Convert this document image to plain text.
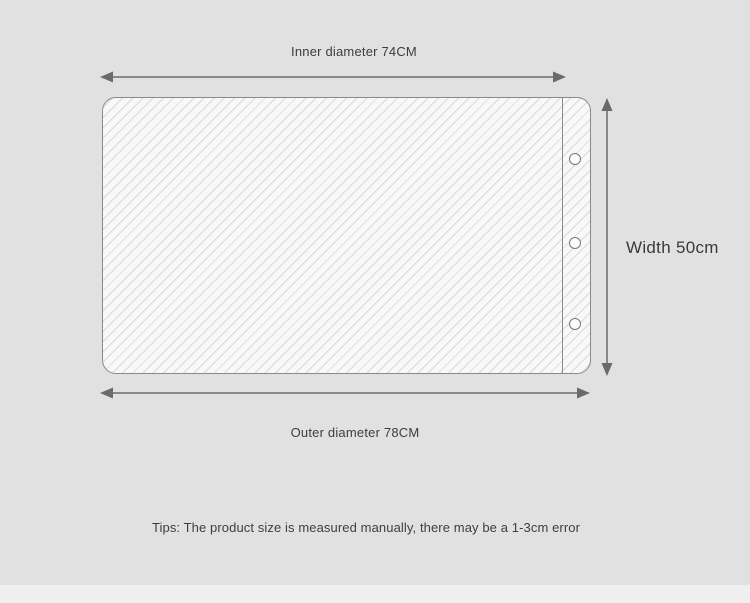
Inner diameter 74CM
Width 50cm
Outer diameter 78CM
Tips: The product size is measured manually, there may be a 1-3cm error
